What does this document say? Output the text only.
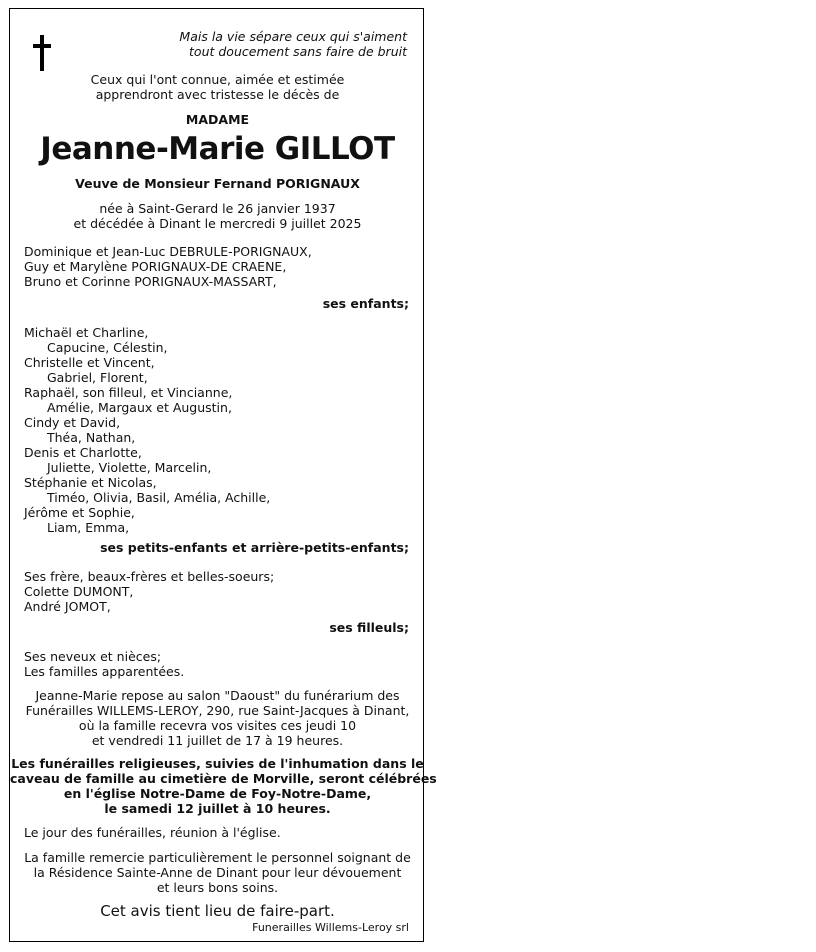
Mais la vie sépare ceux qui s'aiment
tout doucement sans faire de bruit
Ceux qui l'ont connue, aimée et estimée
apprendront avec tristesse le décès de
MADAME
Jeanne-Marie GILLOT
Veuve de Monsieur Fernand PORIGNAUX
née à Saint-Gerard le 26 janvier 1937
et décédée à Dinant le mercredi 9 juillet 2025
Dominique et Jean-Luc DEBRULE-PORIGNAUX,
Guy et Marylène PORIGNAUX-DE CRAENE,
Bruno et Corinne PORIGNAUX-MASSART,
ses enfants;
Michaël et Charline,
Capucine, Célestin,
Christelle et Vincent,
Gabriel, Florent,
Raphaël, son filleul, et Vincianne,
Amélie, Margaux et Augustin,
Cindy et David,
Théa, Nathan,
Denis et Charlotte,
Juliette, Violette, Marcelin,
Stéphanie et Nicolas,
Timéo, Olivia, Basil, Amélia, Achille,
Jérôme et Sophie,
Liam, Emma,
ses petits-enfants et arrière-petits-enfants;
Ses frère, beaux-frères et belles-soeurs;
Colette DUMONT,
André JOMOT,
ses filleuls;
Ses neveux et nièces;
Les familles apparentées.
Jeanne-Marie repose au salon "Daoust" du funérarium des
Funérailles WILLEMS-LEROY, 290, rue Saint-Jacques à Dinant,
où la famille recevra vos visites ces jeudi 10
et vendredi 11 juillet de 17 à 19 heures.
Les funérailles religieuses, suivies de l'inhumation dans le
caveau de famille au cimetière de Morville, seront célébrées
en l'église Notre-Dame de Foy-Notre-Dame,
le samedi 12 juillet à 10 heures.
Le jour des funérailles, réunion à l'église.
La famille remercie particulièrement le personnel soignant de
la Résidence Sainte-Anne de Dinant pour leur dévouement
et leurs bons soins.
Cet avis tient lieu de faire-part.
Funerailles Willems-Leroy srl
